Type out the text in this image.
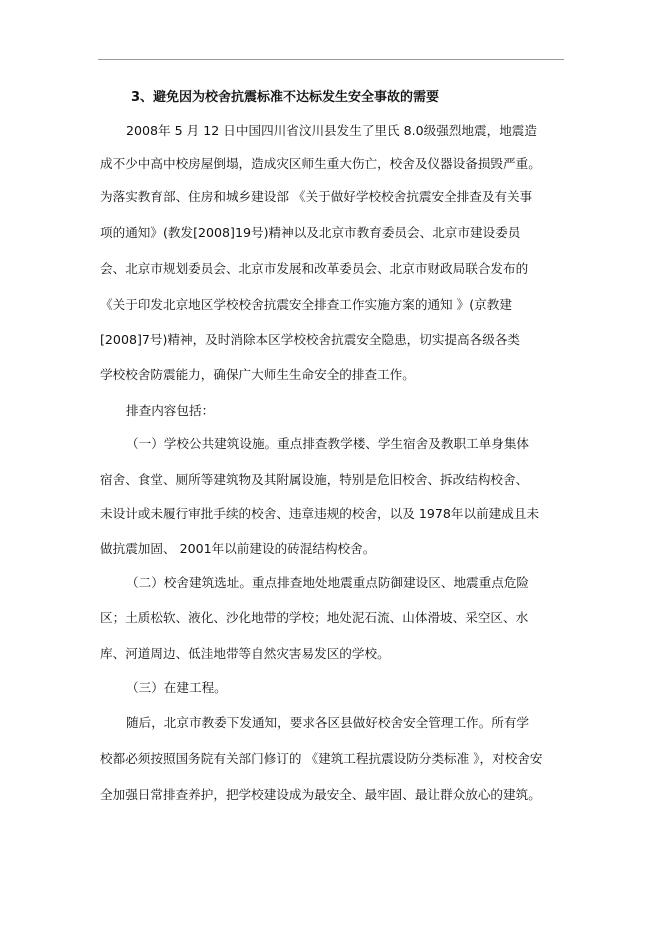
3、避免因为校舍抗震标准不达标发生安全事故的需要
2008年 5 月 12 日中国四川省汶川县发生了里氏 8.0级强烈地震，地震造
成不少中高中校房屋倒塌，造成灾区师生重大伤亡，校舍及仪器设备损毁严重。
为落实教育部、住房和城乡建设部 《关于做好学校校舍抗震安全排查及有关事
项的通知》(教发[2008]19号)精神以及北京市教育委员会、北京市建设委员
会、北京市规划委员会、北京市发展和改革委员会、北京市财政局联合发布的
《关于印发北京地区学校校舍抗震安全排查工作实施方案的通知 》(京教建
[2008]7号)精神，及时消除本区学校校舍抗震安全隐患，切实提高各级各类
学校校舍防震能力，确保广大师生生命安全的排查工作。
排查内容包括：
（一）学校公共建筑设施。重点排查教学楼、学生宿舍及教职工单身集体
宿舍、食堂、厕所等建筑物及其附属设施，特别是危旧校舍、拆改结构校舍、
未设计或未履行审批手续的校舍、违章违规的校舍，以及 1978年以前建成且未
做抗震加固、 2001年以前建设的砖混结构校舍。
（二）校舍建筑选址。重点排查地处地震重点防御建设区、地震重点危险
区；土质松软、液化、沙化地带的学校；地处泥石流、山体滑坡、采空区、水
库、河道周边、低洼地带等自然灾害易发区的学校。
（三）在建工程。
随后，北京市教委下发通知，要求各区县做好校舍安全管理工作。所有学
校都必须按照国务院有关部门修订的 《建筑工程抗震设防分类标准 》，对校舍安
全加强日常排查养护，把学校建设成为最安全、最牢固、最让群众放心的建筑。
